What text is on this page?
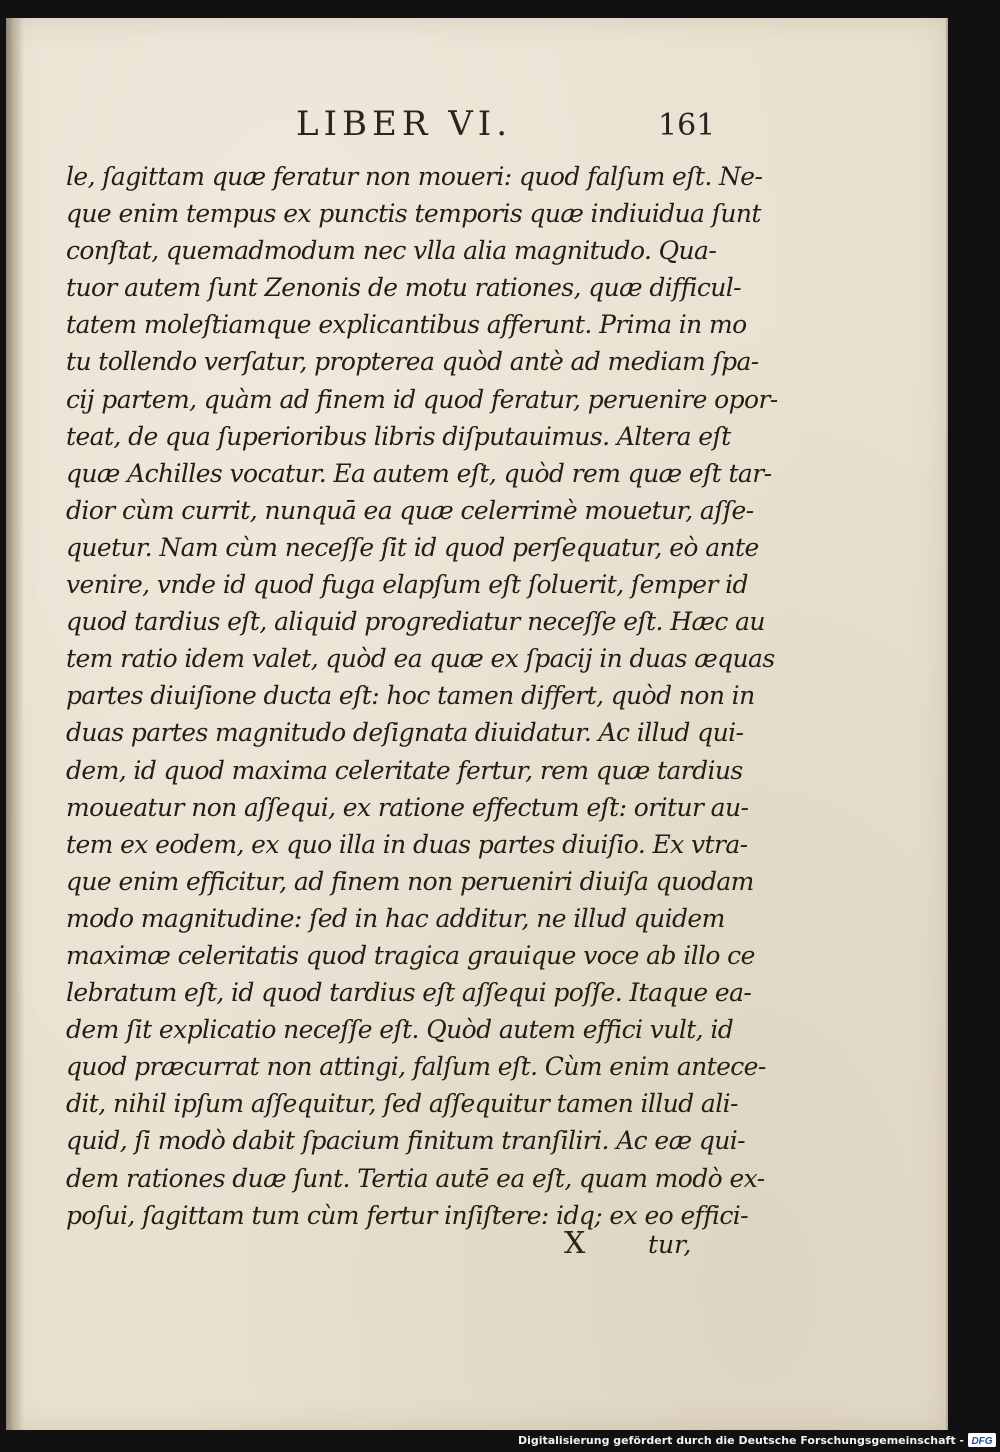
LIBER VI.	161
le, ſagittam quæ feratur non moueri: quod falſum eſt. Ne-
que enim tempus ex punctis temporis quæ indiuidua ſunt
conſtat, quemadmodum nec vlla alia magnitudo. Qua-
tuor autem ſunt Zenonis de motu rationes, quæ difficul-
tatem moleſtiamque explicantibus afferunt. Prima in mo
tu tollendo verſatur, propterea quòd antè ad mediam ſpa-
cij partem, quàm ad finem id quod feratur, peruenire opor-
teat, de qua ſuperioribus libris diſputauimus. Altera eſt
quæ Achilles vocatur. Ea autem eſt, quòd rem quæ eſt tar-
dior cùm currit, nunquā ea quæ celerrimè mouetur, aſſe-
quetur. Nam cùm neceſſe ſit id quod perſequatur, eò ante
venire, vnde id quod fuga elapſum eſt ſoluerit, ſemper id
quod tardius eſt, aliquid progrediatur neceſſe eſt. Hæc au
tem ratio idem valet, quòd ea quæ ex ſpacij in duas æquas
partes diuiſione ducta eſt: hoc tamen differt, quòd non in
duas partes magnitudo deſignata diuidatur. Ac illud qui-
dem, id quod maxima celeritate fertur, rem quæ tardius
moueatur non aſſequi, ex ratione effectum eſt: oritur au-
tem ex eodem, ex quo illa in duas partes diuiſio. Ex vtra-
que enim efficitur, ad finem non perueniri diuiſa quodam
modo magnitudine: ſed in hac additur, ne illud quidem
maximæ celeritatis quod tragica grauique voce ab illo ce
lebratum eſt, id quod tardius eſt aſſequi poſſe. Itaque ea-
dem ſit explicatio neceſſe eſt. Quòd autem effici vult, id
quod præcurrat non attingi, falſum eſt. Cùm enim antece-
dit, nihil ipſum aſſequitur, ſed aſſequitur tamen illud ali-
quid, ſi modò dabit ſpacium finitum tranſiliri. Ac eæ qui-
dem rationes duæ ſunt. Tertia autē ea eſt, quam modò ex-
poſui, ſagittam tum cùm fertur inſiſtere: idq; ex eo effici-
X	tur,
Digitalisierung gefördert durch die Deutsche Forschungsgemeinschaft - DFG
